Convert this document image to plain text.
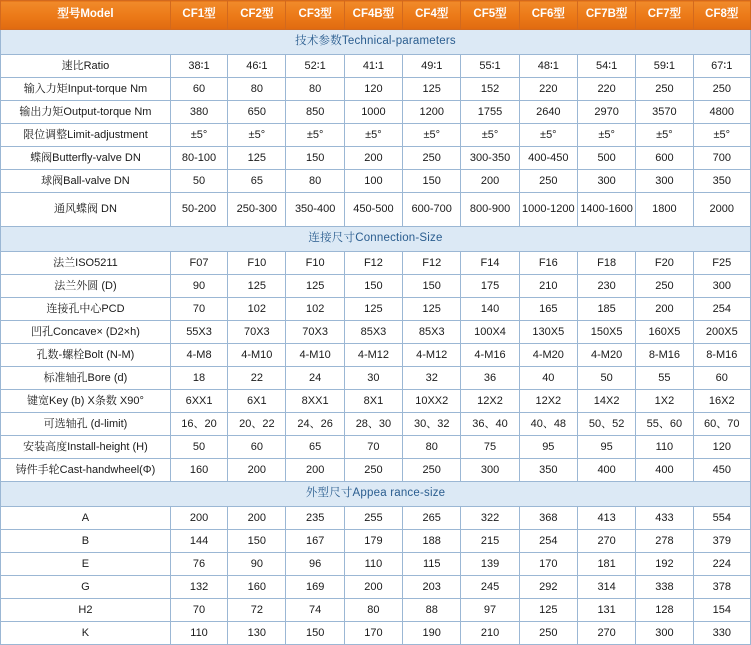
型号Model	CF1型	CF2型	CF3型	CF4B型	CF4型	CF5型	CF6型	CF7B型	CF7型	CF8型
技术参数Technical-parameters										
速比Ratio	38∶1	46∶1	52∶1	41∶1	49∶1	55∶1	48∶1	54∶1	59∶1	67∶1
输入力矩Input-torque Nm	60	80	80	120	125	152	220	220	250	250
输出力矩Output-torque Nm	380	650	850	1000	1200	1755	2640	2970	3570	4800
限位调整Limit-adjustment	±5°	±5°	±5°	±5°	±5°	±5°	±5°	±5°	±5°	±5°
蝶阀Butterfly-valve DN	80-100	125	150	200	250	300-350	400-450	500	600	700
球阀Ball-valve DN	50	65	80	100	150	200	250	300	300	350
通风蝶阀 DN	50-200	250-300	350-400	450-500	600-700	800-900	1000-1200	1400-1600	1800	2000
连接尺寸Connection-Size										
法兰ISO5211	F07	F10	F10	F12	F12	F14	F16	F18	F20	F25
法兰外圆 (D)	90	125	125	150	150	175	210	230	250	300
连接孔中心PCD	70	102	102	125	125	140	165	185	200	254
凹孔Concave× (D2×h)	55X3	70X3	70X3	85X3	85X3	100X4	130X5	150X5	160X5	200X5
孔数-螺栓Bolt (N-M)	4-M8	4-M10	4-M10	4-M12	4-M12	4-M16	4-M20	4-M20	8-M16	8-M16
标准轴孔Bore (d)	18	22	24	30	32	36	40	50	55	60
键宽Key (b) X条数 X90°	6XX1	6X1	8XX1	8X1	10XX2	12X2	12X2	14X2	1X2	16X2
可选轴孔 (d-limit)	16、20	20、22	24、26	28、30	30、32	36、40	40、48	50、52	55、60	60、70
安装高度Install-height (H)	50	60	65	70	80	75	95	95	110	120
铸件手轮Cast-handwheel(Φ)	160	200	200	250	250	300	350	400	400	450
外型尺寸Appea rance-size										
A	200	200	235	255	265	322	368	413	433	554
B	144	150	167	179	188	215	254	270	278	379
E	76	90	96	110	115	139	170	181	192	224
G	132	160	169	200	203	245	292	314	338	378
H2	70	72	74	80	88	97	125	131	128	154
K	110	130	150	170	190	210	250	270	300	330
